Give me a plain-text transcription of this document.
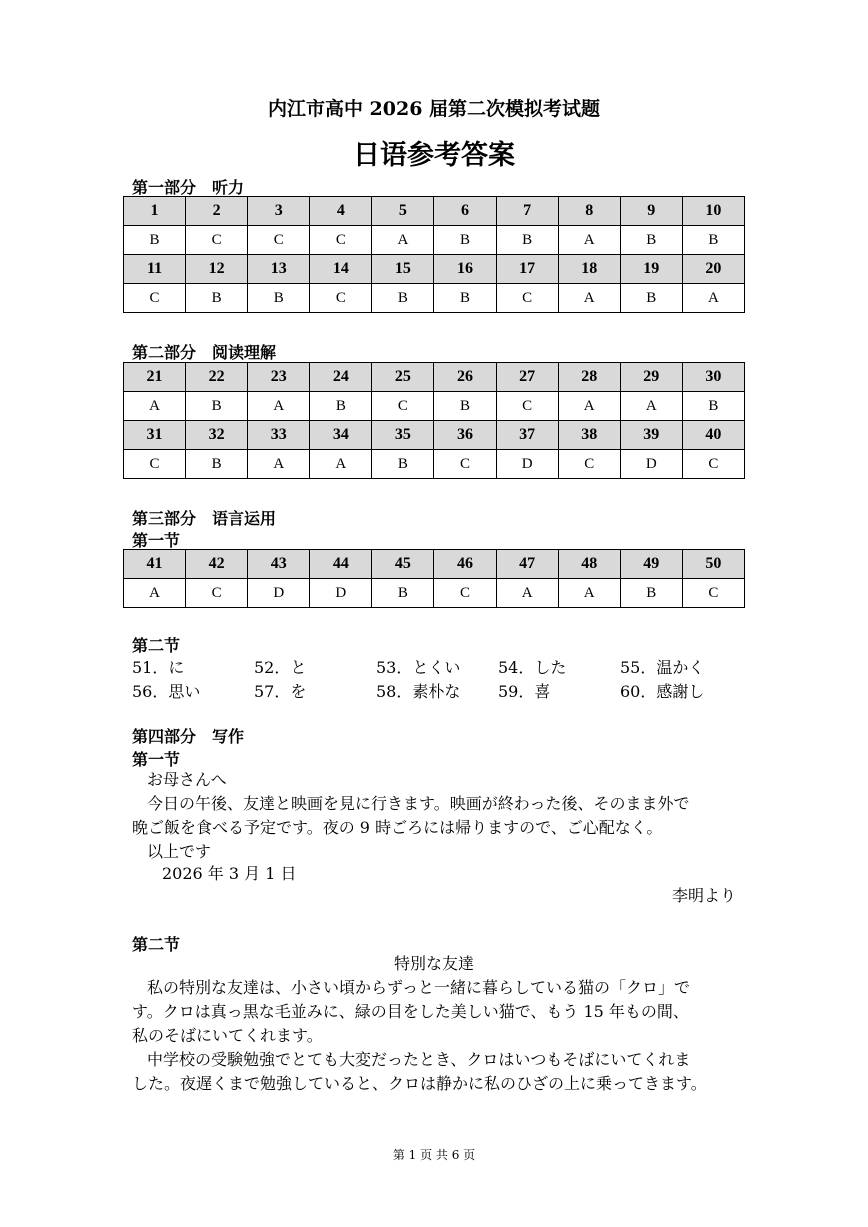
内江市高中 2026 届第二次模拟考试题
日语参考答案
第一部分　听力
1	2	3	4	5	6	7	8	9	10
B	C	C	C	A	B	B	A	B	B
11	12	13	14	15	16	17	18	19	20
C	B	B	C	B	B	C	A	B	A
第二部分　阅读理解
21	22	23	24	25	26	27	28	29	30
A	B	A	B	C	B	C	A	A	B
31	32	33	34	35	36	37	38	39	40
C	B	A	A	B	C	D	C	D	C
第三部分　语言运用
第一节
41	42	43	44	45	46	47	48	49	50
A	C	D	D	B	C	A	A	B	C
第二节
51．に	52．と	53．とくい 54．した	55．温かく
56．思い	57．を	58．素朴な 59．喜	60．感謝し
第四部分　写作
第一节
お母さんへ
今日の午後、友達と映画を見に行きます。映画が終わった後、そのまま外で
晩ご飯を食べる予定です。夜の 9 時ごろには帰りますので、ご心配なく。
以上です
2026 年 3 月 1 日
李明より
第二节
特別な友達
私の特別な友達は、小さい頃からずっと一緒に暮らしている猫の「クロ」で
す。クロは真っ黒な毛並みに、緑の目をした美しい猫で、もう 15 年もの間、
私のそばにいてくれます。
中学校の受験勉強でとても大変だったとき、クロはいつもそばにいてくれま
した。夜遅くまで勉強していると、クロは静かに私のひざの上に乗ってきます。
第 1 页 共 6 页
